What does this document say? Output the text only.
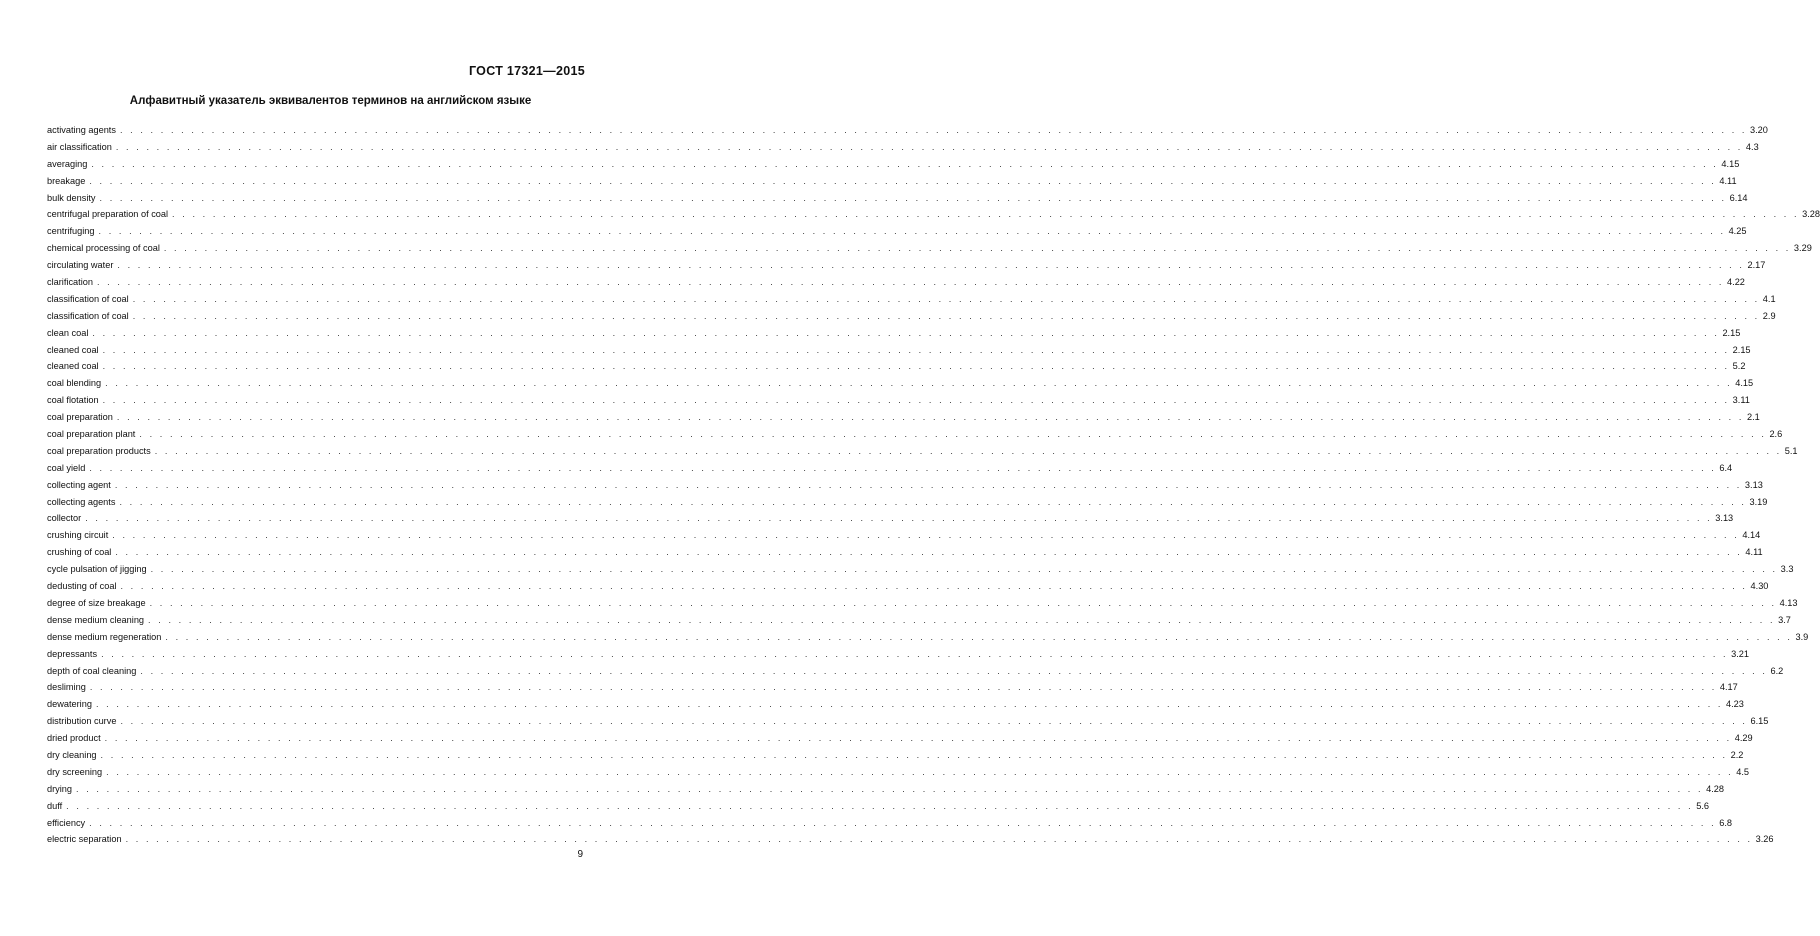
ГОСТ 17321—2015
Алфавитный указатель эквивалентов терминов на английском языке
activating agents . . . . . . . . . . . . . . . . . . . . . . . . . . . . . . . . . . . . . . . . . . . . . . . . . . . . . . . . . . . . . . . . . . . . . . . . . . . . . . . . . . . . . . . . . . . . . . . . . . . . . . . . . . . . . . . . . . . . . . . . . . . . . . . . . . . . . . . . . . . . . . . . . . . . . . . . . . . . . . . . 3.20
air classification . . . . . . . . . . . . . . . . . . . . . . . . . . . . . . . . . . . . . . . . . . . . . . . . . . . . . . . . . . . . . . . . . . . . . . . . . . . . . . . . . . . . . . . . . . . . . . . . . . . . . . . . . . . . . . . . . . . . . . . . . . . . . . . . . . . . . . . . . . . . . . . . . . . . . . . . . . . . . . . . 4.3
averaging . . . . . . . . . . . . . . . . . . . . . . . . . . . . . . . . . . . . . . . . . . . . . . . . . . . . . . . . . . . . . . . . . . . . . . . . . . . . . . . . . . . . . . . . . . . . . . . . . . . . . . . . . . . . . . . . . . . . . . . . . . . . . . . . . . . . . . . . . . . . . . . . . . . . . . . . . . . . . . . . 4.15
breakage . . . . . . . . . . . . . . . . . . . . . . . . . . . . . . . . . . . . . . . . . . . . . . . . . . . . . . . . . . . . . . . . . . . . . . . . . . . . . . . . . . . . . . . . . . . . . . . . . . . . . . . . . . . . . . . . . . . . . . . . . . . . . . . . . . . . . . . . . . . . . . . . . . . . . . . . . . . . . . . . 4.11
bulk density . . . . . . . . . . . . . . . . . . . . . . . . . . . . . . . . . . . . . . . . . . . . . . . . . . . . . . . . . . . . . . . . . . . . . . . . . . . . . . . . . . . . . . . . . . . . . . . . . . . . . . . . . . . . . . . . . . . . . . . . . . . . . . . . . . . . . . . . . . . . . . . . . . . . . . . . . . . . . . . . 6.14
centrifugal preparation of coal . . . . . . . . . . . . . . . . . . . . . . . . . . . . . . . . . . . . . . . . . . . . . . . . . . . . . . . . . . . . . . . . . . . . . . . . . . . . . . . . . . . . . . . . . . . . . . . . . . . . . . . . . . . . . . . . . . . . . . . . . . . . . . . . . . . . . . . . . . . . . . . . . . . . . . . . . . . . . . . . 3.28
centrifuging . . . . . . . . . . . . . . . . . . . . . . . . . . . . . . . . . . . . . . . . . . . . . . . . . . . . . . . . . . . . . . . . . . . . . . . . . . . . . . . . . . . . . . . . . . . . . . . . . . . . . . . . . . . . . . . . . . . . . . . . . . . . . . . . . . . . . . . . . . . . . . . . . . . . . . . . . . . . . . . . 4.25
chemical processing of coal . . . . . . . . . . . . . . . . . . . . . . . . . . . . . . . . . . . . . . . . . . . . . . . . . . . . . . . . . . . . . . . . . . . . . . . . . . . . . . . . . . . . . . . . . . . . . . . . . . . . . . . . . . . . . . . . . . . . . . . . . . . . . . . . . . . . . . . . . . . . . . . . . . . . . . . . . . . . . . . . 3.29
circulating water . . . . . . . . . . . . . . . . . . . . . . . . . . . . . . . . . . . . . . . . . . . . . . . . . . . . . . . . . . . . . . . . . . . . . . . . . . . . . . . . . . . . . . . . . . . . . . . . . . . . . . . . . . . . . . . . . . . . . . . . . . . . . . . . . . . . . . . . . . . . . . . . . . . . . . . . . . . . . . . . 2.17
clarification . . . . . . . . . . . . . . . . . . . . . . . . . . . . . . . . . . . . . . . . . . . . . . . . . . . . . . . . . . . . . . . . . . . . . . . . . . . . . . . . . . . . . . . . . . . . . . . . . . . . . . . . . . . . . . . . . . . . . . . . . . . . . . . . . . . . . . . . . . . . . . . . . . . . . . . . . . . . . . . . 4.22
classification of coal . . . . . . . . . . . . . . . . . . . . . . . . . . . . . . . . . . . . . . . . . . . . . . . . . . . . . . . . . . . . . . . . . . . . . . . . . . . . . . . . . . . . . . . . . . . . . . . . . . . . . . . . . . . . . . . . . . . . . . . . . . . . . . . . . . . . . . . . . . . . . . . . . . . . . . . . . . . . . . . . 4.1
classification of coal . . . . . . . . . . . . . . . . . . . . . . . . . . . . . . . . . . . . . . . . . . . . . . . . . . . . . . . . . . . . . . . . . . . . . . . . . . . . . . . . . . . . . . . . . . . . . . . . . . . . . . . . . . . . . . . . . . . . . . . . . . . . . . . . . . . . . . . . . . . . . . . . . . . . . . . . . . . . . . . . 2.9
clean coal . . . . . . . . . . . . . . . . . . . . . . . . . . . . . . . . . . . . . . . . . . . . . . . . . . . . . . . . . . . . . . . . . . . . . . . . . . . . . . . . . . . . . . . . . . . . . . . . . . . . . . . . . . . . . . . . . . . . . . . . . . . . . . . . . . . . . . . . . . . . . . . . . . . . . . . . . . . . . . . . 2.15
cleaned coal . . . . . . . . . . . . . . . . . . . . . . . . . . . . . . . . . . . . . . . . . . . . . . . . . . . . . . . . . . . . . . . . . . . . . . . . . . . . . . . . . . . . . . . . . . . . . . . . . . . . . . . . . . . . . . . . . . . . . . . . . . . . . . . . . . . . . . . . . . . . . . . . . . . . . . . . . . . . . . . . 2.15
cleaned coal . . . . . . . . . . . . . . . . . . . . . . . . . . . . . . . . . . . . . . . . . . . . . . . . . . . . . . . . . . . . . . . . . . . . . . . . . . . . . . . . . . . . . . . . . . . . . . . . . . . . . . . . . . . . . . . . . . . . . . . . . . . . . . . . . . . . . . . . . . . . . . . . . . . . . . . . . . . . . . . . 5.2
coal blending . . . . . . . . . . . . . . . . . . . . . . . . . . . . . . . . . . . . . . . . . . . . . . . . . . . . . . . . . . . . . . . . . . . . . . . . . . . . . . . . . . . . . . . . . . . . . . . . . . . . . . . . . . . . . . . . . . . . . . . . . . . . . . . . . . . . . . . . . . . . . . . . . . . . . . . . . . . . . . . . 4.15
coal flotation . . . . . . . . . . . . . . . . . . . . . . . . . . . . . . . . . . . . . . . . . . . . . . . . . . . . . . . . . . . . . . . . . . . . . . . . . . . . . . . . . . . . . . . . . . . . . . . . . . . . . . . . . . . . . . . . . . . . . . . . . . . . . . . . . . . . . . . . . . . . . . . . . . . . . . . . . . . . . . . . 3.11
coal preparation . . . . . . . . . . . . . . . . . . . . . . . . . . . . . . . . . . . . . . . . . . . . . . . . . . . . . . . . . . . . . . . . . . . . . . . . . . . . . . . . . . . . . . . . . . . . . . . . . . . . . . . . . . . . . . . . . . . . . . . . . . . . . . . . . . . . . . . . . . . . . . . . . . . . . . . . . . . . . . . . 2.1
coal preparation plant . . . . . . . . . . . . . . . . . . . . . . . . . . . . . . . . . . . . . . . . . . . . . . . . . . . . . . . . . . . . . . . . . . . . . . . . . . . . . . . . . . . . . . . . . . . . . . . . . . . . . . . . . . . . . . . . . . . . . . . . . . . . . . . . . . . . . . . . . . . . . . . . . . . . . . . . . . . . . . . . 2.6
coal preparation products . . . . . . . . . . . . . . . . . . . . . . . . . . . . . . . . . . . . . . . . . . . . . . . . . . . . . . . . . . . . . . . . . . . . . . . . . . . . . . . . . . . . . . . . . . . . . . . . . . . . . . . . . . . . . . . . . . . . . . . . . . . . . . . . . . . . . . . . . . . . . . . . . . . . . . . . . . . . . . . . 5.1
coal yield . . . . . . . . . . . . . . . . . . . . . . . . . . . . . . . . . . . . . . . . . . . . . . . . . . . . . . . . . . . . . . . . . . . . . . . . . . . . . . . . . . . . . . . . . . . . . . . . . . . . . . . . . . . . . . . . . . . . . . . . . . . . . . . . . . . . . . . . . . . . . . . . . . . . . . . . . . . . . . . . 6.4
collecting agent . . . . . . . . . . . . . . . . . . . . . . . . . . . . . . . . . . . . . . . . . . . . . . . . . . . . . . . . . . . . . . . . . . . . . . . . . . . . . . . . . . . . . . . . . . . . . . . . . . . . . . . . . . . . . . . . . . . . . . . . . . . . . . . . . . . . . . . . . . . . . . . . . . . . . . . . . . . . . . . . 3.13
collecting agents . . . . . . . . . . . . . . . . . . . . . . . . . . . . . . . . . . . . . . . . . . . . . . . . . . . . . . . . . . . . . . . . . . . . . . . . . . . . . . . . . . . . . . . . . . . . . . . . . . . . . . . . . . . . . . . . . . . . . . . . . . . . . . . . . . . . . . . . . . . . . . . . . . . . . . . . . . . . . . . . 3.19
collector . . . . . . . . . . . . . . . . . . . . . . . . . . . . . . . . . . . . . . . . . . . . . . . . . . . . . . . . . . . . . . . . . . . . . . . . . . . . . . . . . . . . . . . . . . . . . . . . . . . . . . . . . . . . . . . . . . . . . . . . . . . . . . . . . . . . . . . . . . . . . . . . . . . . . . . . . . . . . . . . 3.13
crushing circuit . . . . . . . . . . . . . . . . . . . . . . . . . . . . . . . . . . . . . . . . . . . . . . . . . . . . . . . . . . . . . . . . . . . . . . . . . . . . . . . . . . . . . . . . . . . . . . . . . . . . . . . . . . . . . . . . . . . . . . . . . . . . . . . . . . . . . . . . . . . . . . . . . . . . . . . . . . . . . . . . 4.14
crushing of coal . . . . . . . . . . . . . . . . . . . . . . . . . . . . . . . . . . . . . . . . . . . . . . . . . . . . . . . . . . . . . . . . . . . . . . . . . . . . . . . . . . . . . . . . . . . . . . . . . . . . . . . . . . . . . . . . . . . . . . . . . . . . . . . . . . . . . . . . . . . . . . . . . . . . . . . . . . . . . . . . 4.11
cycle pulsation of jigging . . . . . . . . . . . . . . . . . . . . . . . . . . . . . . . . . . . . . . . . . . . . . . . . . . . . . . . . . . . . . . . . . . . . . . . . . . . . . . . . . . . . . . . . . . . . . . . . . . . . . . . . . . . . . . . . . . . . . . . . . . . . . . . . . . . . . . . . . . . . . . . . . . . . . . . . . . . . . . . . 3.3
dedusting of coal . . . . . . . . . . . . . . . . . . . . . . . . . . . . . . . . . . . . . . . . . . . . . . . . . . . . . . . . . . . . . . . . . . . . . . . . . . . . . . . . . . . . . . . . . . . . . . . . . . . . . . . . . . . . . . . . . . . . . . . . . . . . . . . . . . . . . . . . . . . . . . . . . . . . . . . . . . . . . . . . 4.30
degree of size breakage . . . . . . . . . . . . . . . . . . . . . . . . . . . . . . . . . . . . . . . . . . . . . . . . . . . . . . . . . . . . . . . . . . . . . . . . . . . . . . . . . . . . . . . . . . . . . . . . . . . . . . . . . . . . . . . . . . . . . . . . . . . . . . . . . . . . . . . . . . . . . . . . . . . . . . . . . . . . . . . . 4.13
dense medium cleaning . . . . . . . . . . . . . . . . . . . . . . . . . . . . . . . . . . . . . . . . . . . . . . . . . . . . . . . . . . . . . . . . . . . . . . . . . . . . . . . . . . . . . . . . . . . . . . . . . . . . . . . . . . . . . . . . . . . . . . . . . . . . . . . . . . . . . . . . . . . . . . . . . . . . . . . . . . . . . . . . 3.7
dense medium regeneration . . . . . . . . . . . . . . . . . . . . . . . . . . . . . . . . . . . . . . . . . . . . . . . . . . . . . . . . . . . . . . . . . . . . . . . . . . . . . . . . . . . . . . . . . . . . . . . . . . . . . . . . . . . . . . . . . . . . . . . . . . . . . . . . . . . . . . . . . . . . . . . . . . . . . . . . . . . . . . . . 3.9
depressants . . . . . . . . . . . . . . . . . . . . . . . . . . . . . . . . . . . . . . . . . . . . . . . . . . . . . . . . . . . . . . . . . . . . . . . . . . . . . . . . . . . . . . . . . . . . . . . . . . . . . . . . . . . . . . . . . . . . . . . . . . . . . . . . . . . . . . . . . . . . . . . . . . . . . . . . . . . . . . . . 3.21
depth of coal cleaning . . . . . . . . . . . . . . . . . . . . . . . . . . . . . . . . . . . . . . . . . . . . . . . . . . . . . . . . . . . . . . . . . . . . . . . . . . . . . . . . . . . . . . . . . . . . . . . . . . . . . . . . . . . . . . . . . . . . . . . . . . . . . . . . . . . . . . . . . . . . . . . . . . . . . . . . . . . . . . . . 6.2
desliming . . . . . . . . . . . . . . . . . . . . . . . . . . . . . . . . . . . . . . . . . . . . . . . . . . . . . . . . . . . . . . . . . . . . . . . . . . . . . . . . . . . . . . . . . . . . . . . . . . . . . . . . . . . . . . . . . . . . . . . . . . . . . . . . . . . . . . . . . . . . . . . . . . . . . . . . . . . . . . . . 4.17
dewatering . . . . . . . . . . . . . . . . . . . . . . . . . . . . . . . . . . . . . . . . . . . . . . . . . . . . . . . . . . . . . . . . . . . . . . . . . . . . . . . . . . . . . . . . . . . . . . . . . . . . . . . . . . . . . . . . . . . . . . . . . . . . . . . . . . . . . . . . . . . . . . . . . . . . . . . . . . . . . . . . 4.23
distribution curve . . . . . . . . . . . . . . . . . . . . . . . . . . . . . . . . . . . . . . . . . . . . . . . . . . . . . . . . . . . . . . . . . . . . . . . . . . . . . . . . . . . . . . . . . . . . . . . . . . . . . . . . . . . . . . . . . . . . . . . . . . . . . . . . . . . . . . . . . . . . . . . . . . . . . . . . . . . . . . . . 6.15
dried product . . . . . . . . . . . . . . . . . . . . . . . . . . . . . . . . . . . . . . . . . . . . . . . . . . . . . . . . . . . . . . . . . . . . . . . . . . . . . . . . . . . . . . . . . . . . . . . . . . . . . . . . . . . . . . . . . . . . . . . . . . . . . . . . . . . . . . . . . . . . . . . . . . . . . . . . . . . . . . . . 4.29
dry cleaning . . . . . . . . . . . . . . . . . . . . . . . . . . . . . . . . . . . . . . . . . . . . . . . . . . . . . . . . . . . . . . . . . . . . . . . . . . . . . . . . . . . . . . . . . . . . . . . . . . . . . . . . . . . . . . . . . . . . . . . . . . . . . . . . . . . . . . . . . . . . . . . . . . . . . . . . . . . . . . . . 2.2
dry screening . . . . . . . . . . . . . . . . . . . . . . . . . . . . . . . . . . . . . . . . . . . . . . . . . . . . . . . . . . . . . . . . . . . . . . . . . . . . . . . . . . . . . . . . . . . . . . . . . . . . . . . . . . . . . . . . . . . . . . . . . . . . . . . . . . . . . . . . . . . . . . . . . . . . . . . . . . . . . . . . 4.5
drying . . . . . . . . . . . . . . . . . . . . . . . . . . . . . . . . . . . . . . . . . . . . . . . . . . . . . . . . . . . . . . . . . . . . . . . . . . . . . . . . . . . . . . . . . . . . . . . . . . . . . . . . . . . . . . . . . . . . . . . . . . . . . . . . . . . . . . . . . . . . . . . . . . . . . . . . . . . . . . . . 4.28
duff . . . . . . . . . . . . . . . . . . . . . . . . . . . . . . . . . . . . . . . . . . . . . . . . . . . . . . . . . . . . . . . . . . . . . . . . . . . . . . . . . . . . . . . . . . . . . . . . . . . . . . . . . . . . . . . . . . . . . . . . . . . . . . . . . . . . . . . . . . . . . . . . . . . . . . . . . . . . . . . . 5.6
efficiency . . . . . . . . . . . . . . . . . . . . . . . . . . . . . . . . . . . . . . . . . . . . . . . . . . . . . . . . . . . . . . . . . . . . . . . . . . . . . . . . . . . . . . . . . . . . . . . . . . . . . . . . . . . . . . . . . . . . . . . . . . . . . . . . . . . . . . . . . . . . . . . . . . . . . . . . . . . . . . . . 6.8
electric separation . . . . . . . . . . . . . . . . . . . . . . . . . . . . . . . . . . . . . . . . . . . . . . . . . . . . . . . . . . . . . . . . . . . . . . . . . . . . . . . . . . . . . . . . . . . . . . . . . . . . . . . . . . . . . . . . . . . . . . . . . . . . . . . . . . . . . . . . . . . . . . . . . . . . . . . . . . . . . . . . 3.26
9
